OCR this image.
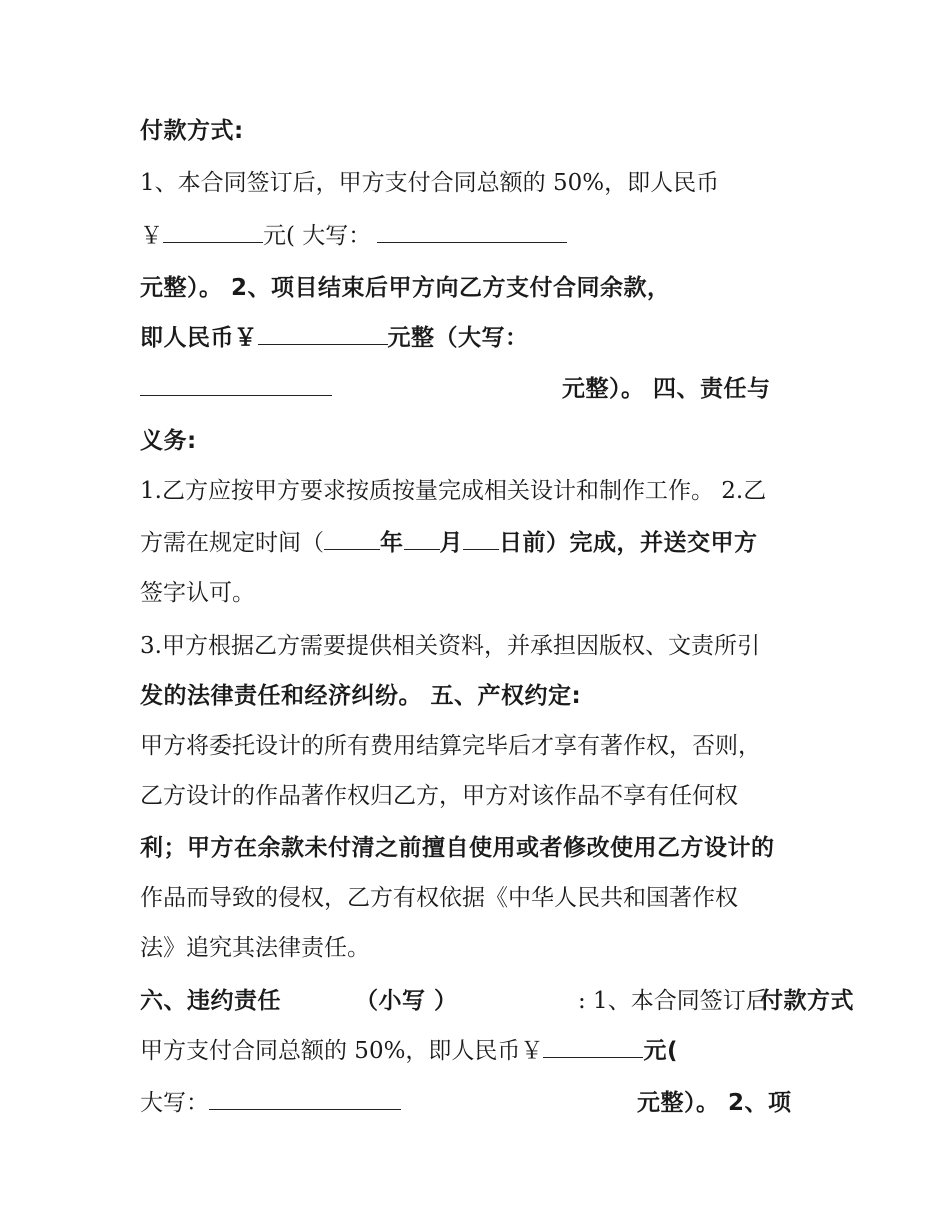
付款方式:
1、本合同签订后，甲方支付合同总额的 50%，即人民币
￥	元( 大写：
元整）。 2、项目结束后甲方向乙方支付合同余款，
即人民币￥	元整（大写：
元整）。 四、责任与
义务:
1.乙方应按甲方要求按质按量完成相关设计和制作工作。 2.乙
方需在规定时间（ 年 月 日前）完成，并送交甲方
签字认可。
3.甲方根据乙方需要提供相关资料，并承担因版权、文责所引
发的法律责任和经济纠纷。 五、产权约定:
甲方将委托设计的所有费用结算完毕后才享有著作权，否则，
乙方设计的作品著作权归乙方，甲方对该作品不享有任何权
利；甲方在余款未付清之前擅自使用或者修改使用乙方设计的
作品而导致的侵权，乙方有权依据《中华人民共和国著作权
法》追究其法律责任。
六、违约责任	（小写 ）	: 1、本合同签订后
付款方式
甲方支付合同总额的 50%，即人民币￥	元(
大写：	元整）。 2、项
